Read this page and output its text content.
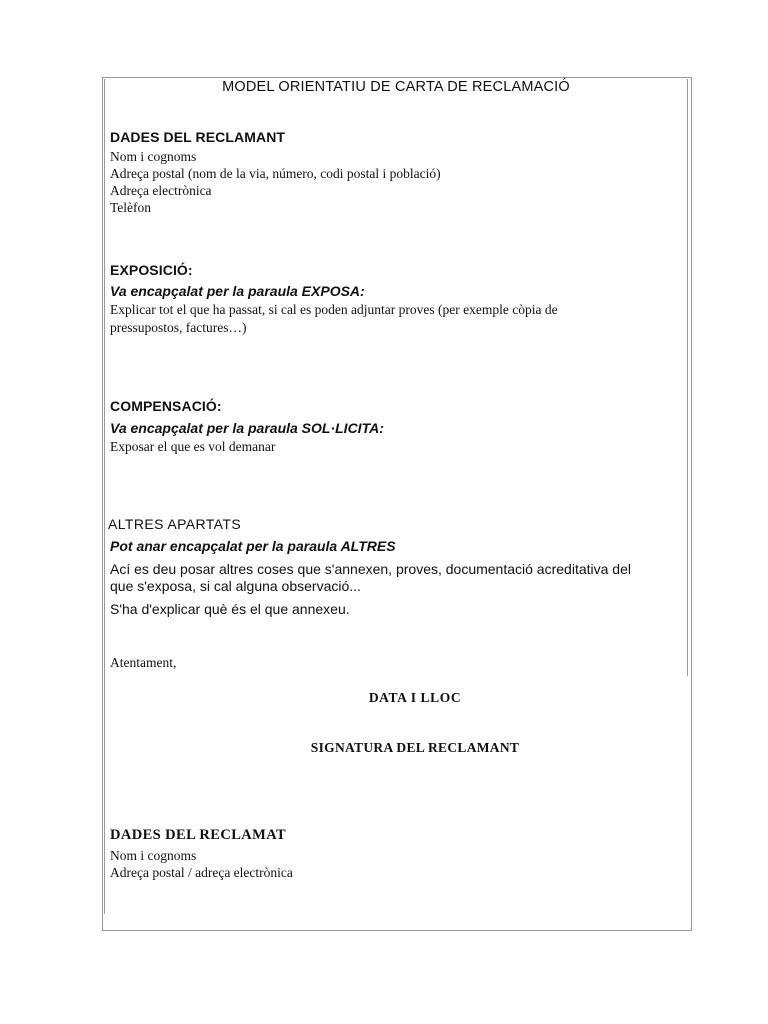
MODEL ORIENTATIU DE CARTA DE RECLAMACIÓ
DADES DEL RECLAMANT
Nom i cognoms
Adreça postal (nom de la via, número, codi postal i població)
Adreça electrònica
Telèfon
EXPOSICIÓ:
Va encapçalat per la paraula EXPOSA:
Explicar tot el que ha passat, si cal es poden adjuntar proves (per exemple còpia de
pressupostos, factures…)
COMPENSACIÓ:
Va encapçalat per la paraula SOL·LICITA:
Exposar el que es vol demanar
ALTRES APARTATS
Pot anar encapçalat per la paraula ALTRES
Ací es deu posar altres coses que s'annexen, proves, documentació acreditativa del
que s'exposa, si cal alguna observació...
S'ha d'explicar què és el que annexeu.
Atentament,
DATA I LLOC
SIGNATURA DEL RECLAMANT
DADES DEL RECLAMAT
Nom i cognoms
Adreça postal / adreça electrònica
